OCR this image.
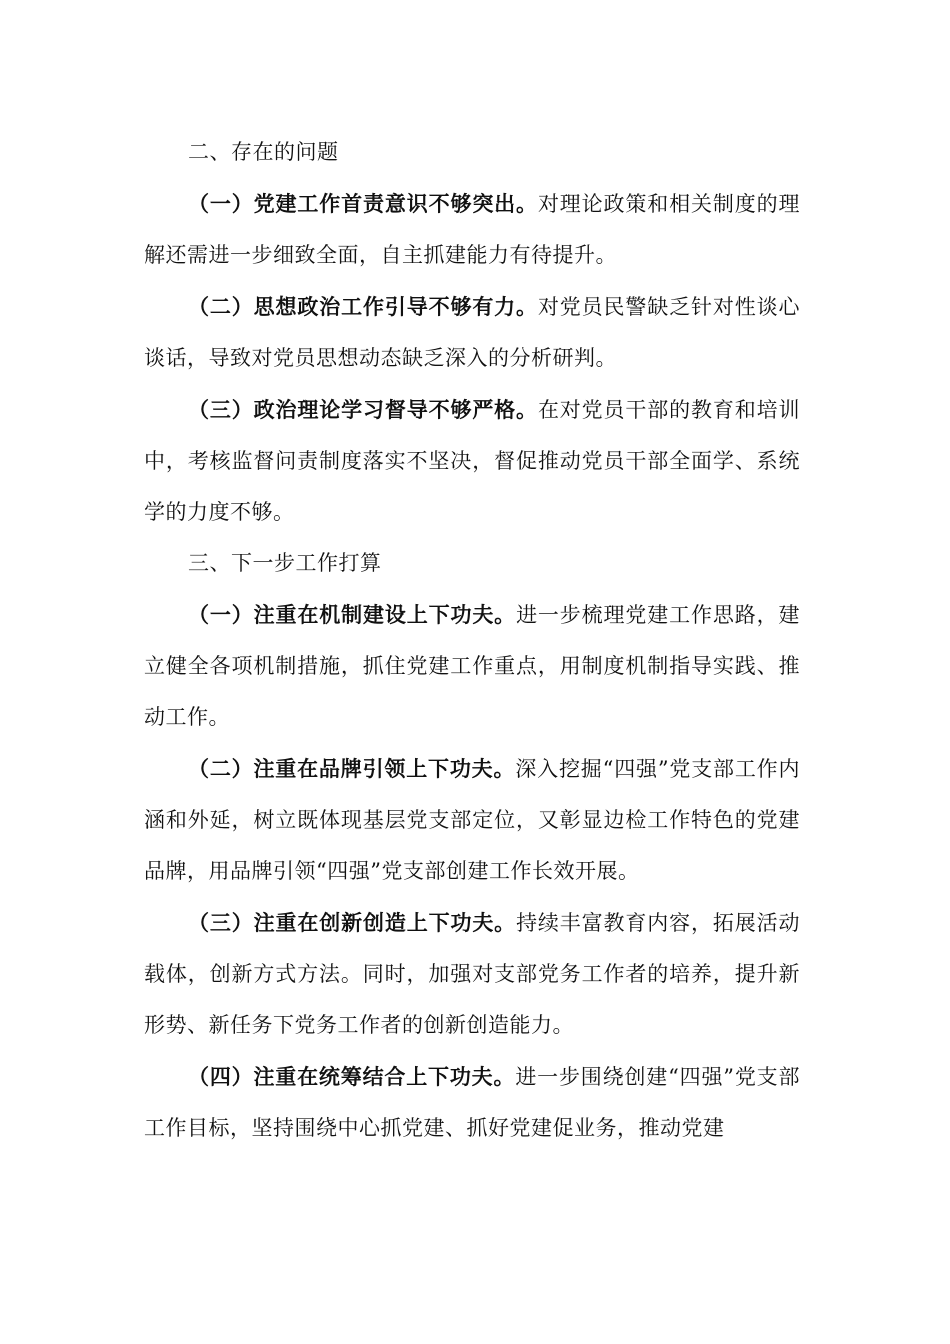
二、存在的问题

（一）党建工作首责意识不够突出。对理论政策和相关制度的理解还需进一步细致全面，自主抓建能力有待提升。

（二）思想政治工作引导不够有力。对党员民警缺乏针对性谈心谈话，导致对党员思想动态缺乏深入的分析研判。

（三）政治理论学习督导不够严格。在对党员干部的教育和培训中，考核监督问责制度落实不坚决，督促推动党员干部全面学、系统学的力度不够。

三、下一步工作打算

（一）注重在机制建设上下功夫。进一步梳理党建工作思路，建立健全各项机制措施，抓住党建工作重点，用制度机制指导实践、推动工作。

（二）注重在品牌引领上下功夫。深入挖掘“四强”党支部工作内涵和外延，树立既体现基层党支部定位，又彰显边检工作特色的党建品牌，用品牌引领“四强”党支部创建工作长效开展。

（三）注重在创新创造上下功夫。持续丰富教育内容，拓展活动载体，创新方式方法。同时，加强对支部党务工作者的培养，提升新形势、新任务下党务工作者的创新创造能力。

（四）注重在统筹结合上下功夫。进一步围绕创建“四强”党支部工作目标，坚持围绕中心抓党建、抓好党建促业务，推动党建
